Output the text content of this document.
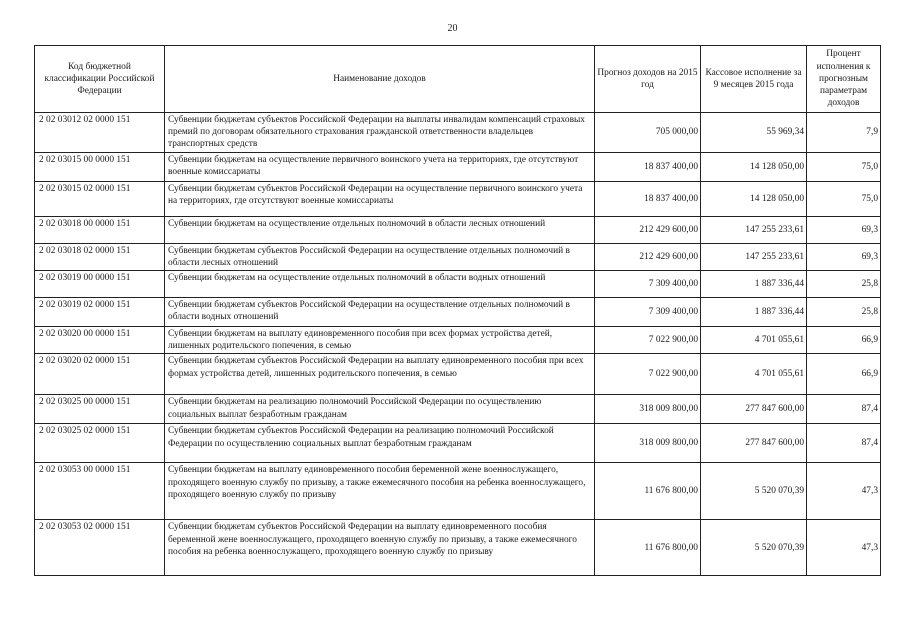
20
Код бюджетной классификации Российской Федерации	Наименование доходов	Прогноз доходов на 2015 год	Кассовое исполнение за 9 месяцев 2015 года	Процент исполнения к прогнозным параметрам доходов
2 02 03012 02 0000 151	Субвенции бюджетам субъектов Российской Федерации на выплаты инвалидам компенсаций страховых премий по договорам обязательного страхования гражданской ответственности владельцев транспортных средств	705 000,00	55 969,34	7,9
2 02 03015 00 0000 151	Субвенции бюджетам на осуществление первичного воинского учета на территориях, где отсутствуют военные комиссариаты	18 837 400,00	14 128 050,00	75,0
2 02 03015 02 0000 151	Субвенции бюджетам субъектов Российской Федерации на осуществление первичного воинского учета на территориях, где отсутствуют военные комиссариаты	18 837 400,00	14 128 050,00	75,0
2 02 03018 00 0000 151	Субвенции бюджетам на осуществление отдельных полномочий в области лесных отношений	212 429 600,00	147 255 233,61	69,3
2 02 03018 02 0000 151	Субвенции бюджетам субъектов Российской Федерации на осуществление отдельных полномочий в области лесных отношений	212 429 600,00	147 255 233,61	69,3
2 02 03019 00 0000 151	Субвенции бюджетам на осуществление отдельных полномочий в области водных отношений	7 309 400,00	1 887 336,44	25,8
2 02 03019 02 0000 151	Субвенции бюджетам субъектов Российской Федерации на осуществление отдельных полномочий в области водных отношений	7 309 400,00	1 887 336,44	25,8
2 02 03020 00 0000 151	Субвенции бюджетам на выплату единовременного пособия при всех формах устройства детей, лишенных родительского попечения, в семью	7 022 900,00	4 701 055,61	66,9
2 02 03020 02 0000 151	Субвенции бюджетам субъектов Российской Федерации на выплату единовременного пособия при всех формах устройства детей, лишенных родительского попечения, в семью	7 022 900,00	4 701 055,61	66,9
2 02 03025 00 0000 151	Субвенции бюджетам на реализацию полномочий Российской Федерации по осуществлению социальных выплат безработным гражданам	318 009 800,00	277 847 600,00	87,4
2 02 03025 02 0000 151	Субвенции бюджетам субъектов Российской Федерации на реализацию полномочий Российской Федерации по осуществлению социальных выплат безработным гражданам	318 009 800,00	277 847 600,00	87,4
2 02 03053 00 0000 151	Субвенции бюджетам на выплату единовременного пособия беременной жене военнослужащего, проходящего военную службу по призыву, а также ежемесячного пособия на ребенка военнослужащего, проходящего военную службу по призыву	11 676 800,00	5 520 070,39	47,3
2 02 03053 02 0000 151	Субвенции бюджетам субъектов Российской Федерации на выплату единовременного пособия беременной жене военнослужащего, проходящего военную службу по призыву, а также ежемесячного пособия на ребенка военнослужащего, проходящего военную службу по призыву	11 676 800,00	5 520 070,39	47,3
